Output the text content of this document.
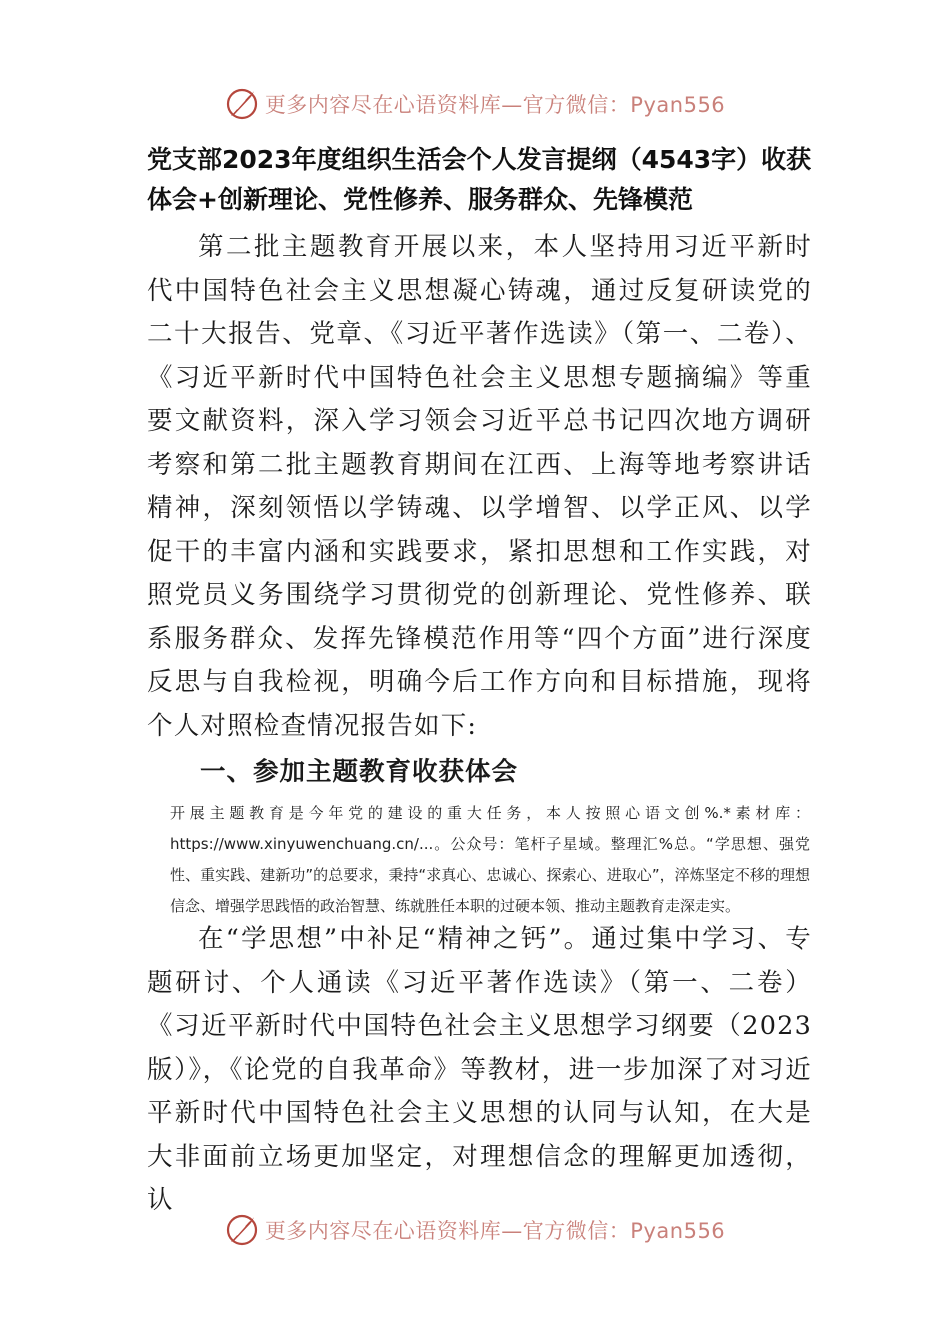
更多内容尽在心语资料库—官方微信：Pyan556
党支部2023年度组织生活会个人发言提纲（4543字）收获体会+创新理论、党性修养、服务群众、先锋模范

第二批主题教育开展以来，本人坚持用习近平新时代中国特色社会主义思想凝心铸魂，通过反复研读党的二十大报告、党章、《习近平著作选读》（第一、二卷）、《习近平新时代中国特色社会主义思想专题摘编》等重要文献资料，深入学习领会习近平总书记四次地方调研考察和第二批主题教育期间在江西、上海等地考察讲话精神，深刻领悟以学铸魂、以学增智、以学正风、以学促干的丰富内涵和实践要求，紧扣思想和工作实践，对照党员义务围绕学习贯彻党的创新理论、党性修养、联系服务群众、发挥先锋模范作用等“四个方面”进行深度反思与自我检视，明确今后工作方向和目标措施，现将个人对照检查情况报告如下:

一、参加主题教育收获体会

开展主题教育是今年党的建设的重大任务，本人按照心语文创%.*素材库：https://www.xinyuwenchuang.cn/...。公众号：笔杆子星域。整理汇%总。“学思想、强党性、重实践、建新功”的总要求，秉持“求真心、忠诚心、探索心、进取心”，淬炼坚定不移的理想信念、增强学思践悟的政治智慧、练就胜任本职的过硬本领、推动主题教育走深走实。

在“学思想”中补足“精神之钙”。通过集中学习、专题研讨、个人通读《习近平著作选读》（第一、二卷）《习近平新时代中国特色社会主义思想学习纲要（2023版）》，《论党的自我革命》等教材，进一步加深了对习近平新时代中国特色社会主义思想的认同与认知，在大是大非面前立场更加坚定，对理想信念的理解更加透彻，认

更多内容尽在心语资料库—官方微信：Pyan556
